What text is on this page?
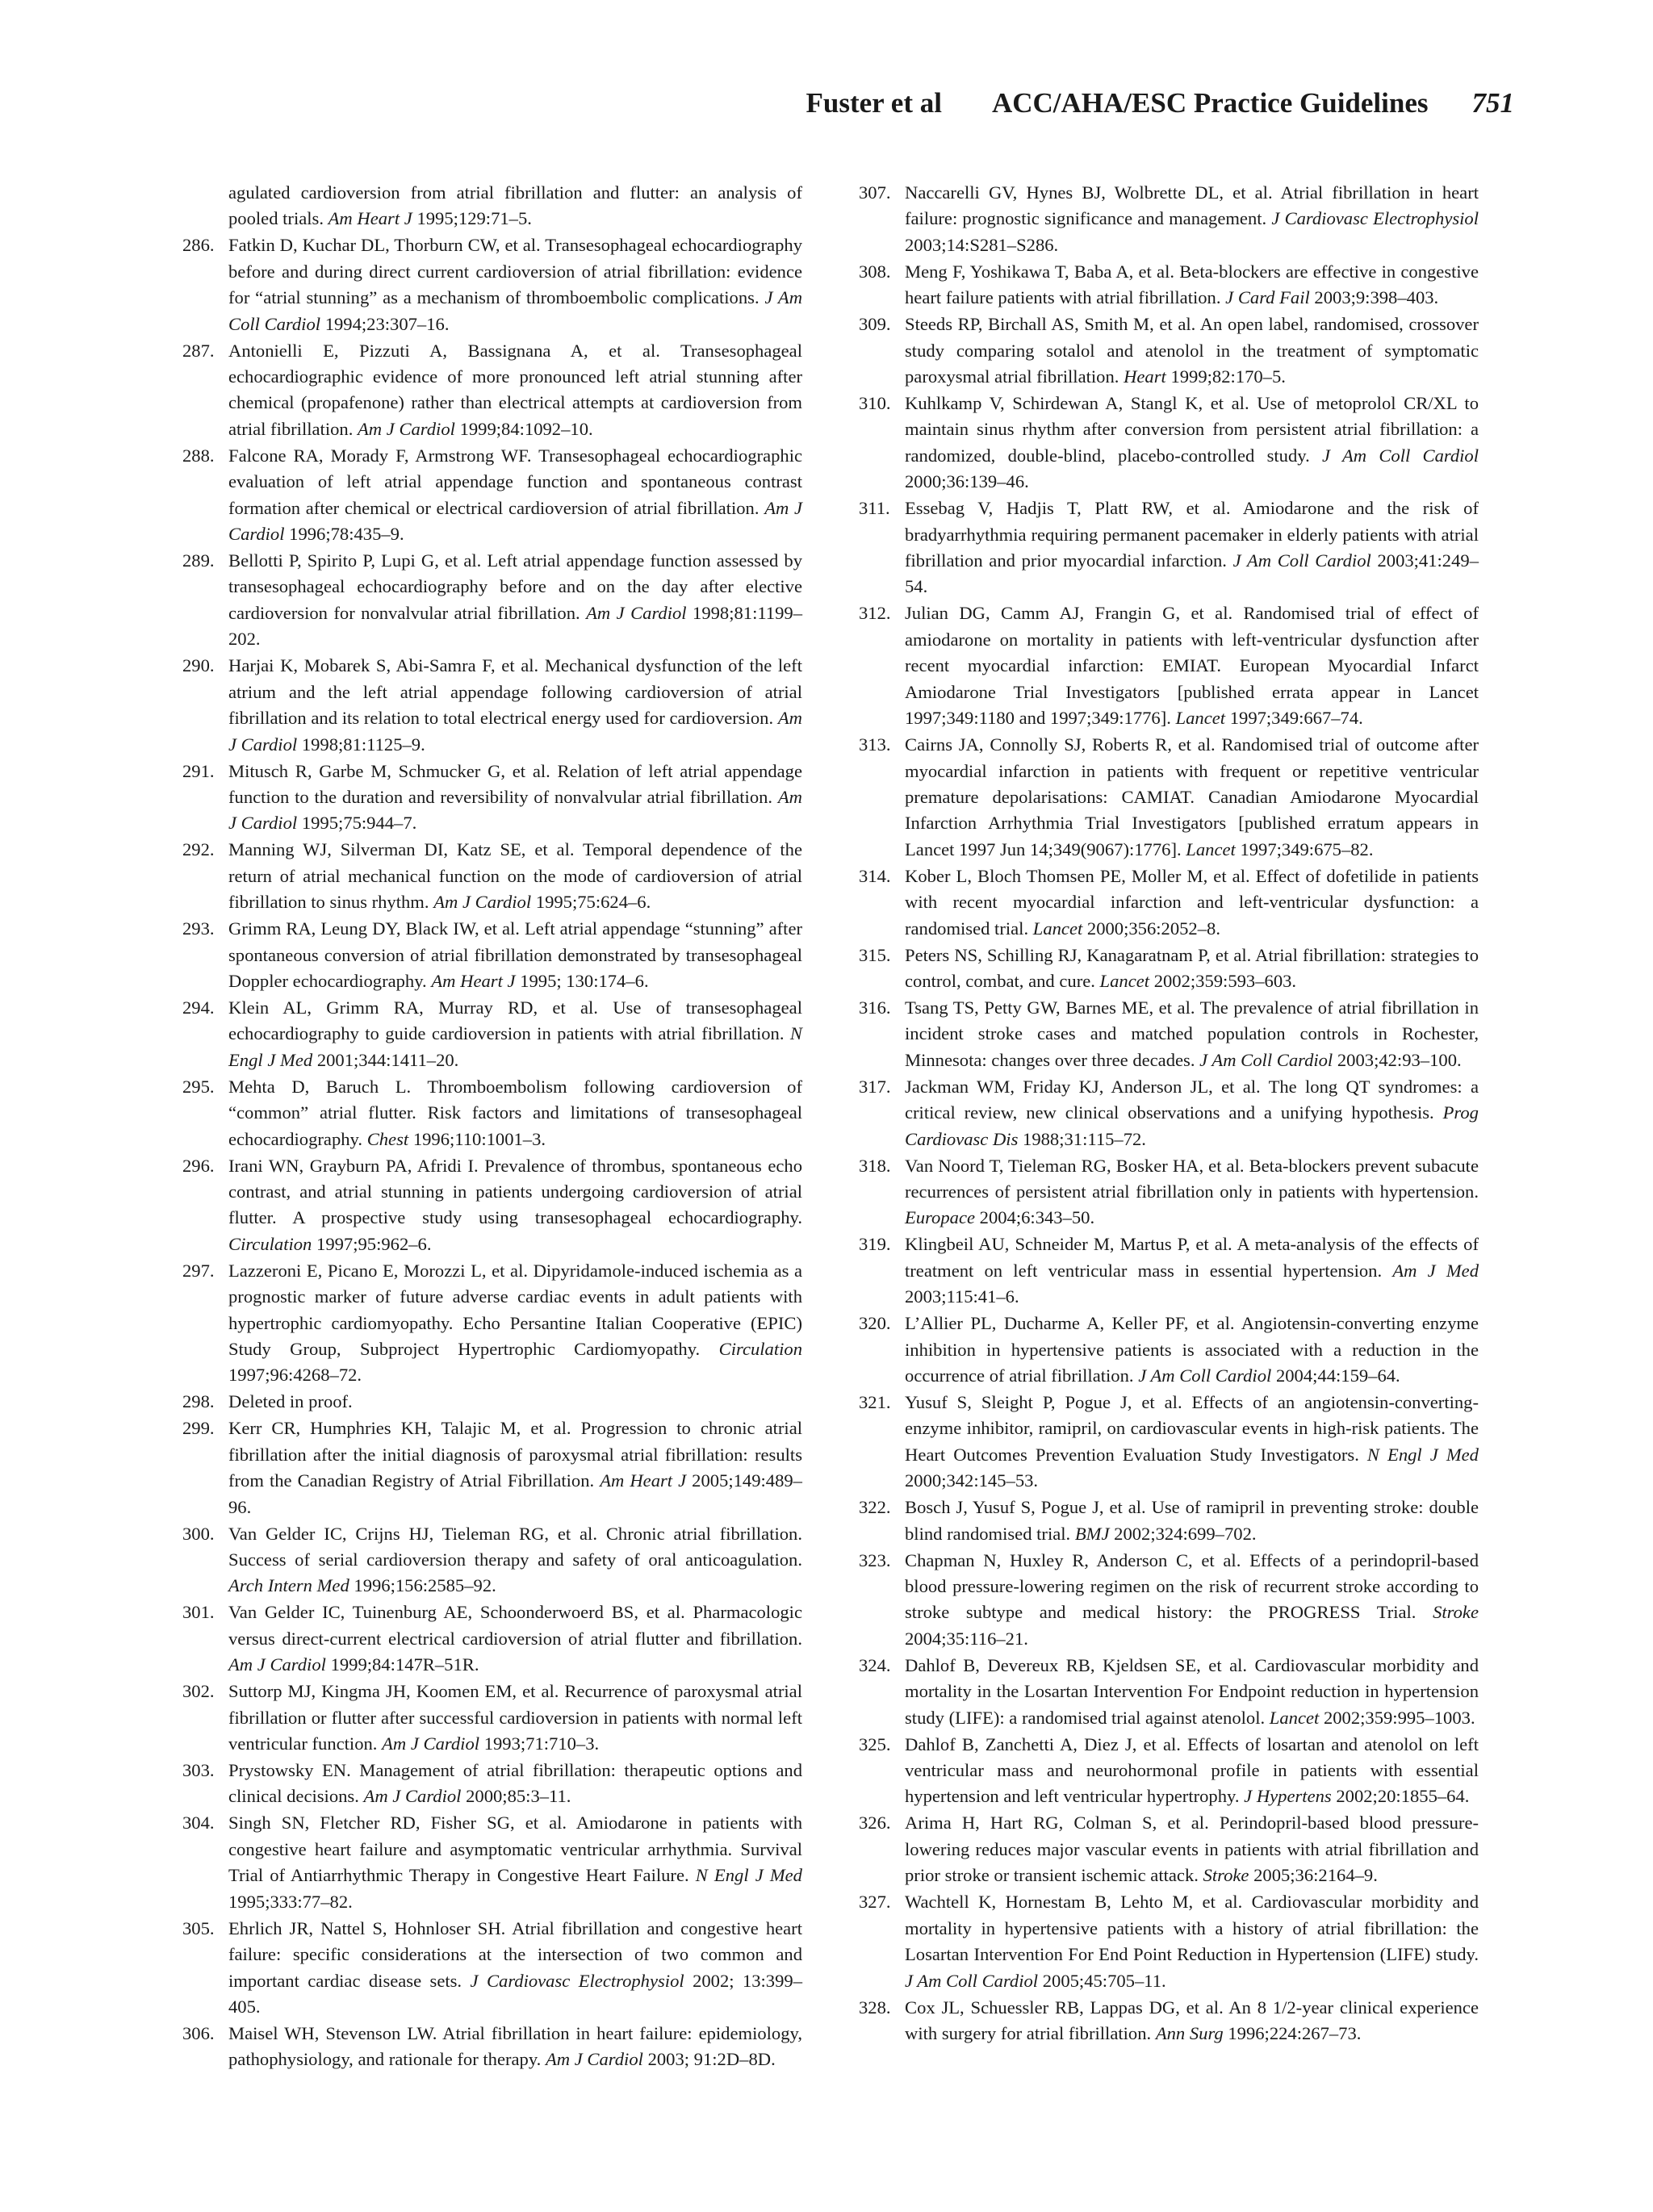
Fuster et al ACC/AHA/ESC Practice Guidelines 751
agulated cardioversion from atrial fibrillation and flutter: an analysis of pooled trials. Am Heart J 1995;129:71–5.
286. Fatkin D, Kuchar DL, Thorburn CW, et al. Transesophageal echocardiography before and during direct current cardioversion of atrial fibrillation: evidence for “atrial stunning” as a mechanism of thromboembolic complications. J Am Coll Cardiol 1994;23:307–16.
287. Antonielli E, Pizzuti A, Bassignana A, et al. Transesophageal echocardiographic evidence of more pronounced left atrial stunning after chemical (propafenone) rather than electrical attempts at cardioversion from atrial fibrillation. Am J Cardiol 1999;84:1092–10.
288. Falcone RA, Morady F, Armstrong WF. Transesophageal echocardiographic evaluation of left atrial appendage function and spontaneous contrast formation after chemical or electrical cardioversion of atrial fibrillation. Am J Cardiol 1996;78:435–9.
289. Bellotti P, Spirito P, Lupi G, et al. Left atrial appendage function assessed by transesophageal echocardiography before and on the day after elective cardioversion for nonvalvular atrial fibrillation. Am J Cardiol 1998;81:1199–202.
290. Harjai K, Mobarek S, Abi-Samra F, et al. Mechanical dysfunction of the left atrium and the left atrial appendage following cardioversion of atrial fibrillation and its relation to total electrical energy used for cardioversion. Am J Cardiol 1998;81:1125–9.
291. Mitusch R, Garbe M, Schmucker G, et al. Relation of left atrial appendage function to the duration and reversibility of nonvalvular atrial fibrillation. Am J Cardiol 1995;75:944–7.
292. Manning WJ, Silverman DI, Katz SE, et al. Temporal dependence of the return of atrial mechanical function on the mode of cardioversion of atrial fibrillation to sinus rhythm. Am J Cardiol 1995;75:624–6.
293. Grimm RA, Leung DY, Black IW, et al. Left atrial appendage “stunning” after spontaneous conversion of atrial fibrillation demonstrated by transesophageal Doppler echocardiography. Am Heart J 1995; 130:174–6.
294. Klein AL, Grimm RA, Murray RD, et al. Use of transesophageal echocardiography to guide cardioversion in patients with atrial fibrillation. N Engl J Med 2001;344:1411–20.
295. Mehta D, Baruch L. Thromboembolism following cardioversion of “common” atrial flutter. Risk factors and limitations of transesophageal echocardiography. Chest 1996;110:1001–3.
296. Irani WN, Grayburn PA, Afridi I. Prevalence of thrombus, spontaneous echo contrast, and atrial stunning in patients undergoing cardioversion of atrial flutter. A prospective study using transesophageal echocardiography. Circulation 1997;95:962–6.
297. Lazzeroni E, Picano E, Morozzi L, et al. Dipyridamole-induced ischemia as a prognostic marker of future adverse cardiac events in adult patients with hypertrophic cardiomyopathy. Echo Persantine Italian Cooperative (EPIC) Study Group, Subproject Hypertrophic Cardiomyopathy. Circulation 1997;96:4268–72.
298. Deleted in proof.
299. Kerr CR, Humphries KH, Talajic M, et al. Progression to chronic atrial fibrillation after the initial diagnosis of paroxysmal atrial fibrillation: results from the Canadian Registry of Atrial Fibrillation. Am Heart J 2005;149:489–96.
300. Van Gelder IC, Crijns HJ, Tieleman RG, et al. Chronic atrial fibrillation. Success of serial cardioversion therapy and safety of oral anticoagulation. Arch Intern Med 1996;156:2585–92.
301. Van Gelder IC, Tuinenburg AE, Schoonderwoerd BS, et al. Pharmacologic versus direct-current electrical cardioversion of atrial flutter and fibrillation. Am J Cardiol 1999;84:147R–51R.
302. Suttorp MJ, Kingma JH, Koomen EM, et al. Recurrence of paroxysmal atrial fibrillation or flutter after successful cardioversion in patients with normal left ventricular function. Am J Cardiol 1993;71:710–3.
303. Prystowsky EN. Management of atrial fibrillation: therapeutic options and clinical decisions. Am J Cardiol 2000;85:3–11.
304. Singh SN, Fletcher RD, Fisher SG, et al. Amiodarone in patients with congestive heart failure and asymptomatic ventricular arrhythmia. Survival Trial of Antiarrhythmic Therapy in Congestive Heart Failure. N Engl J Med 1995;333:77–82.
305. Ehrlich JR, Nattel S, Hohnloser SH. Atrial fibrillation and congestive heart failure: specific considerations at the intersection of two common and important cardiac disease sets. J Cardiovasc Electrophysiol 2002; 13:399–405.
306. Maisel WH, Stevenson LW. Atrial fibrillation in heart failure: epidemiology, pathophysiology, and rationale for therapy. Am J Cardiol 2003; 91:2D–8D.
307. Naccarelli GV, Hynes BJ, Wolbrette DL, et al. Atrial fibrillation in heart failure: prognostic significance and management. J Cardiovasc Electrophysiol 2003;14:S281–S286.
308. Meng F, Yoshikawa T, Baba A, et al. Beta-blockers are effective in congestive heart failure patients with atrial fibrillation. J Card Fail 2003;9:398–403.
309. Steeds RP, Birchall AS, Smith M, et al. An open label, randomised, crossover study comparing sotalol and atenolol in the treatment of symptomatic paroxysmal atrial fibrillation. Heart 1999;82:170–5.
310. Kuhlkamp V, Schirdewan A, Stangl K, et al. Use of metoprolol CR/XL to maintain sinus rhythm after conversion from persistent atrial fibrillation: a randomized, double-blind, placebo-controlled study. J Am Coll Cardiol 2000;36:139–46.
311. Essebag V, Hadjis T, Platt RW, et al. Amiodarone and the risk of bradyarrhythmia requiring permanent pacemaker in elderly patients with atrial fibrillation and prior myocardial infarction. J Am Coll Cardiol 2003;41:249–54.
312. Julian DG, Camm AJ, Frangin G, et al. Randomised trial of effect of amiodarone on mortality in patients with left-ventricular dysfunction after recent myocardial infarction: EMIAT. European Myocardial Infarct Amiodarone Trial Investigators [published errata appear in Lancet 1997;349:1180 and 1997;349:1776]. Lancet 1997;349:667–74.
313. Cairns JA, Connolly SJ, Roberts R, et al. Randomised trial of outcome after myocardial infarction in patients with frequent or repetitive ventricular premature depolarisations: CAMIAT. Canadian Amiodarone Myocardial Infarction Arrhythmia Trial Investigators [published erratum appears in Lancet 1997 Jun 14;349(9067):1776]. Lancet 1997;349:675–82.
314. Kober L, Bloch Thomsen PE, Moller M, et al. Effect of dofetilide in patients with recent myocardial infarction and left-ventricular dysfunction: a randomised trial. Lancet 2000;356:2052–8.
315. Peters NS, Schilling RJ, Kanagaratnam P, et al. Atrial fibrillation: strategies to control, combat, and cure. Lancet 2002;359:593–603.
316. Tsang TS, Petty GW, Barnes ME, et al. The prevalence of atrial fibrillation in incident stroke cases and matched population controls in Rochester, Minnesota: changes over three decades. J Am Coll Cardiol 2003;42:93–100.
317. Jackman WM, Friday KJ, Anderson JL, et al. The long QT syndromes: a critical review, new clinical observations and a unifying hypothesis. Prog Cardiovasc Dis 1988;31:115–72.
318. Van Noord T, Tieleman RG, Bosker HA, et al. Beta-blockers prevent subacute recurrences of persistent atrial fibrillation only in patients with hypertension. Europace 2004;6:343–50.
319. Klingbeil AU, Schneider M, Martus P, et al. A meta-analysis of the effects of treatment on left ventricular mass in essential hypertension. Am J Med 2003;115:41–6.
320. L’Allier PL, Ducharme A, Keller PF, et al. Angiotensin-converting enzyme inhibition in hypertensive patients is associated with a reduction in the occurrence of atrial fibrillation. J Am Coll Cardiol 2004;44:159–64.
321. Yusuf S, Sleight P, Pogue J, et al. Effects of an angiotensin-converting-enzyme inhibitor, ramipril, on cardiovascular events in high-risk patients. The Heart Outcomes Prevention Evaluation Study Investigators. N Engl J Med 2000;342:145–53.
322. Bosch J, Yusuf S, Pogue J, et al. Use of ramipril in preventing stroke: double blind randomised trial. BMJ 2002;324:699–702.
323. Chapman N, Huxley R, Anderson C, et al. Effects of a perindopril-based blood pressure-lowering regimen on the risk of recurrent stroke according to stroke subtype and medical history: the PROGRESS Trial. Stroke 2004;35:116–21.
324. Dahlof B, Devereux RB, Kjeldsen SE, et al. Cardiovascular morbidity and mortality in the Losartan Intervention For Endpoint reduction in hypertension study (LIFE): a randomised trial against atenolol. Lancet 2002;359:995–1003.
325. Dahlof B, Zanchetti A, Diez J, et al. Effects of losartan and atenolol on left ventricular mass and neurohormonal profile in patients with essential hypertension and left ventricular hypertrophy. J Hypertens 2002;20:1855–64.
326. Arima H, Hart RG, Colman S, et al. Perindopril-based blood pressure-lowering reduces major vascular events in patients with atrial fibrillation and prior stroke or transient ischemic attack. Stroke 2005;36:2164–9.
327. Wachtell K, Hornestam B, Lehto M, et al. Cardiovascular morbidity and mortality in hypertensive patients with a history of atrial fibrillation: the Losartan Intervention For End Point Reduction in Hypertension (LIFE) study. J Am Coll Cardiol 2005;45:705–11.
328. Cox JL, Schuessler RB, Lappas DG, et al. An 8 1/2-year clinical experience with surgery for atrial fibrillation. Ann Surg 1996;224:267–73.
